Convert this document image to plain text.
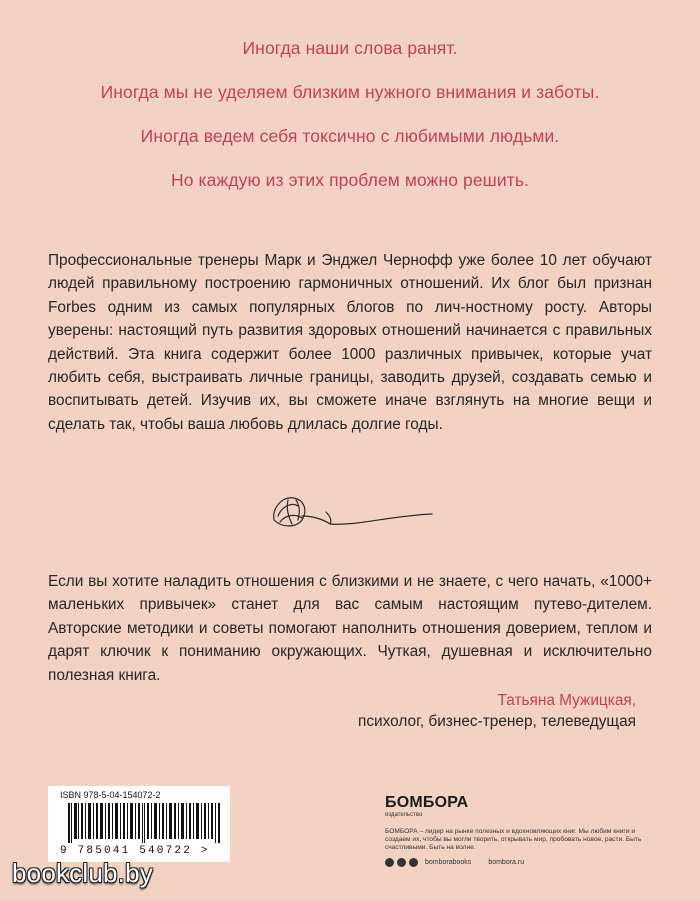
Иногда наши слова ранят.

Иногда мы не уделяем близким нужного внимания и заботы.

Иногда ведем себя токсично с любимыми людьми.

Но каждую из этих проблем можно решить.

Профессиональные тренеры Марк и Энджел Чернофф уже более 10 лет обучают людей правильному построению гармоничных отношений. Их блог был признан Forbes одним из самых популярных блогов по лич-ностному росту. Авторы уверены: настоящий путь развития здоровых отношений начинается с правильных действий. Эта книга содержит более 1000 различных привычек, которые учат любить себя, выстраивать личные границы, заводить друзей, создавать семью и воспитывать детей. Изучив их, вы сможете иначе взглянуть на многие вещи и сделать так, чтобы ваша любовь длилась долгие годы.
Если вы хотите наладить отношения с близкими и не знаете, с чего начать, «1000+ маленьких привычек» станет для вас самым настоящим путево-дителем. Авторские методики и советы помогают наполнить отношения доверием, теплом и дарят ключик к пониманию окружающих. Чуткая, душевная и исключительно полезная книга.
Татьяна Мужицкая,
психолог, бизнес-тренер, телеведущая
ISBN 978-5-04-154072-2
9 785041 540722 >
БОМБОРА
издательство
БОМБОРА – лидер на рынке полезных и вдохновляющих книг. Мы любим книги и создаем их, чтобы вы могли творить, открывать мир, пробовать новое, расти. Быть счастливыми. Быть на волне.
bomborabooks bombora.ru
bookclub.by
